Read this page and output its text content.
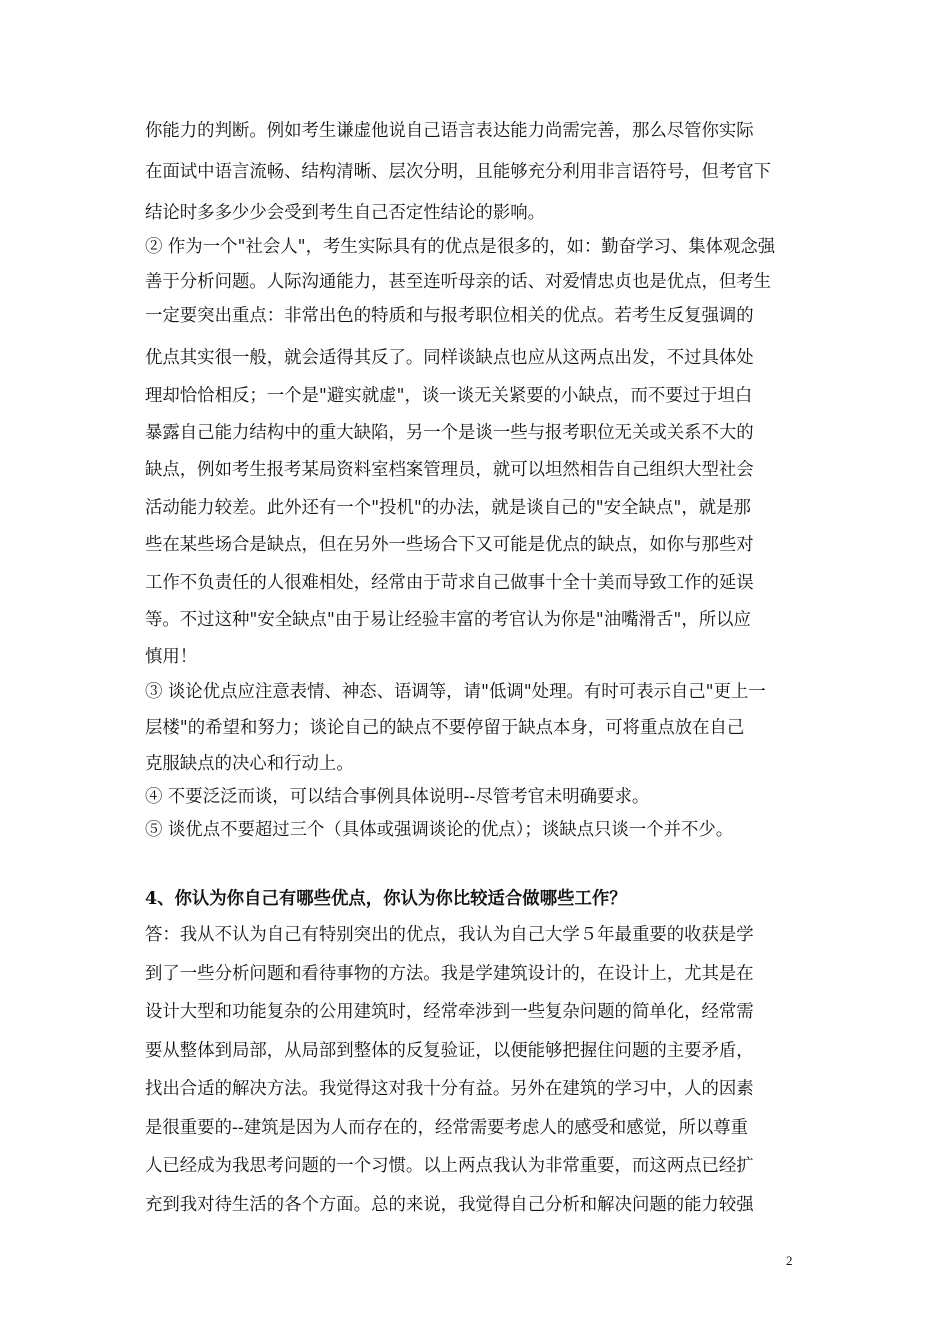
你能力的判断。例如考生谦虚他说自己语言表达能力尚需完善，那么尽管你实际
在面试中语言流畅、结构清晰、层次分明，且能够充分利用非言语符号，但考官下
结论时多多少少会受到考生自己否定性结论的影响。
② 作为一个"社会人"，考生实际具有的优点是很多的，如：勤奋学习、集体观念强
善于分析问题。人际沟通能力，甚至连听母亲的话、对爱情忠贞也是优点，但考生
一定要突出重点：非常出色的特质和与报考职位相关的优点。若考生反复强调的
优点其实很一般，就会适得其反了。同样谈缺点也应从这两点出发，不过具体处
理却恰恰相反；一个是"避实就虚"，谈一谈无关紧要的小缺点，而不要过于坦白
暴露自己能力结构中的重大缺陷，另一个是谈一些与报考职位无关或关系不大的
缺点，例如考生报考某局资料室档案管理员，就可以坦然相告自己组织大型社会
活动能力较差。此外还有一个"投机"的办法，就是谈自己的"安全缺点"，就是那
些在某些场合是缺点，但在另外一些场合下又可能是优点的缺点，如你与那些对
工作不负责任的人很难相处，经常由于苛求自己做事十全十美而导致工作的延误
等。不过这种"安全缺点"由于易让经验丰富的考官认为你是"油嘴滑舌"，所以应
慎用！
③ 谈论优点应注意表情、神态、语调等，请"低调"处理。有时可表示自己"更上一
层楼"的希望和努力；谈论自己的缺点不要停留于缺点本身，可将重点放在自己
克服缺点的决心和行动上。
④ 不要泛泛而谈，可以结合事例具体说明--尽管考官未明确要求。
⑤ 谈优点不要超过三个（具体或强调谈论的优点）；谈缺点只谈一个并不少。
4、你认为你自己有哪些优点，你认为你比较适合做哪些工作？
答：我从不认为自己有特别突出的优点，我认为自己大学５年最重要的收获是学
到了一些分析问题和看待事物的方法。我是学建筑设计的，在设计上，尤其是在
设计大型和功能复杂的公用建筑时，经常牵涉到一些复杂问题的简单化，经常需
要从整体到局部，从局部到整体的反复验证，以便能够把握住问题的主要矛盾，
找出合适的解决方法。我觉得这对我十分有益。另外在建筑的学习中，人的因素
是很重要的--建筑是因为人而存在的，经常需要考虑人的感受和感觉，所以尊重
人已经成为我思考问题的一个习惯。以上两点我认为非常重要，而这两点已经扩
充到我对待生活的各个方面。总的来说，我觉得自己分析和解决问题的能力较强
2
